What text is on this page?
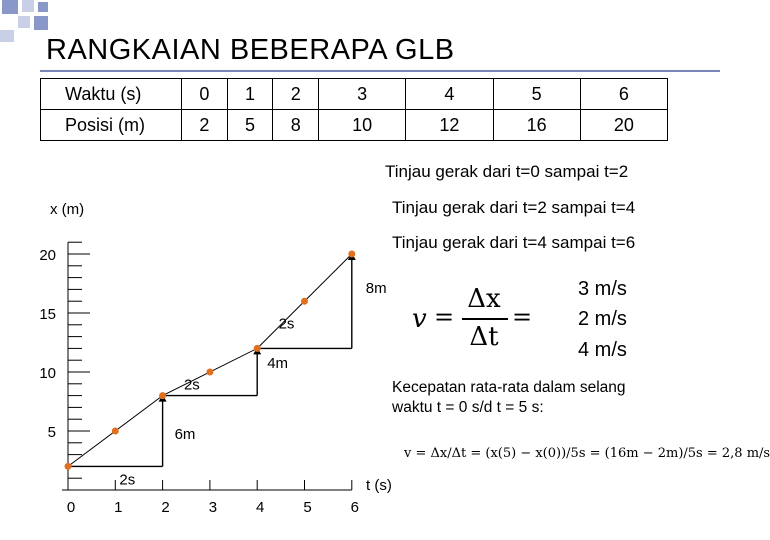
RANGKAIAN BEBERAPA GLB
Waktu (s)	0	1	2	3	4	5	6
Posisi (m)	2	5	8	10	12	16	20
Tinjau gerak dari t=0 sampai t=2
Tinjau gerak dari t=2 sampai t=4
Tinjau gerak dari t=4 sampai t=6
5
10
15
20
0	1	2	3	4	5	6
2s
6m
2s
4m
2s
8m
x (m)
t (s)
v =
Δx
Δt
=
3 m/s
2 m/s
4 m/s
Kecepatan rata-rata dalam selang
waktu t = 0 s/d t = 5 s:
v = Δx/Δt = (x(5) − x(0))/5s = (16m − 2m)/5s = 2,8 m/s
